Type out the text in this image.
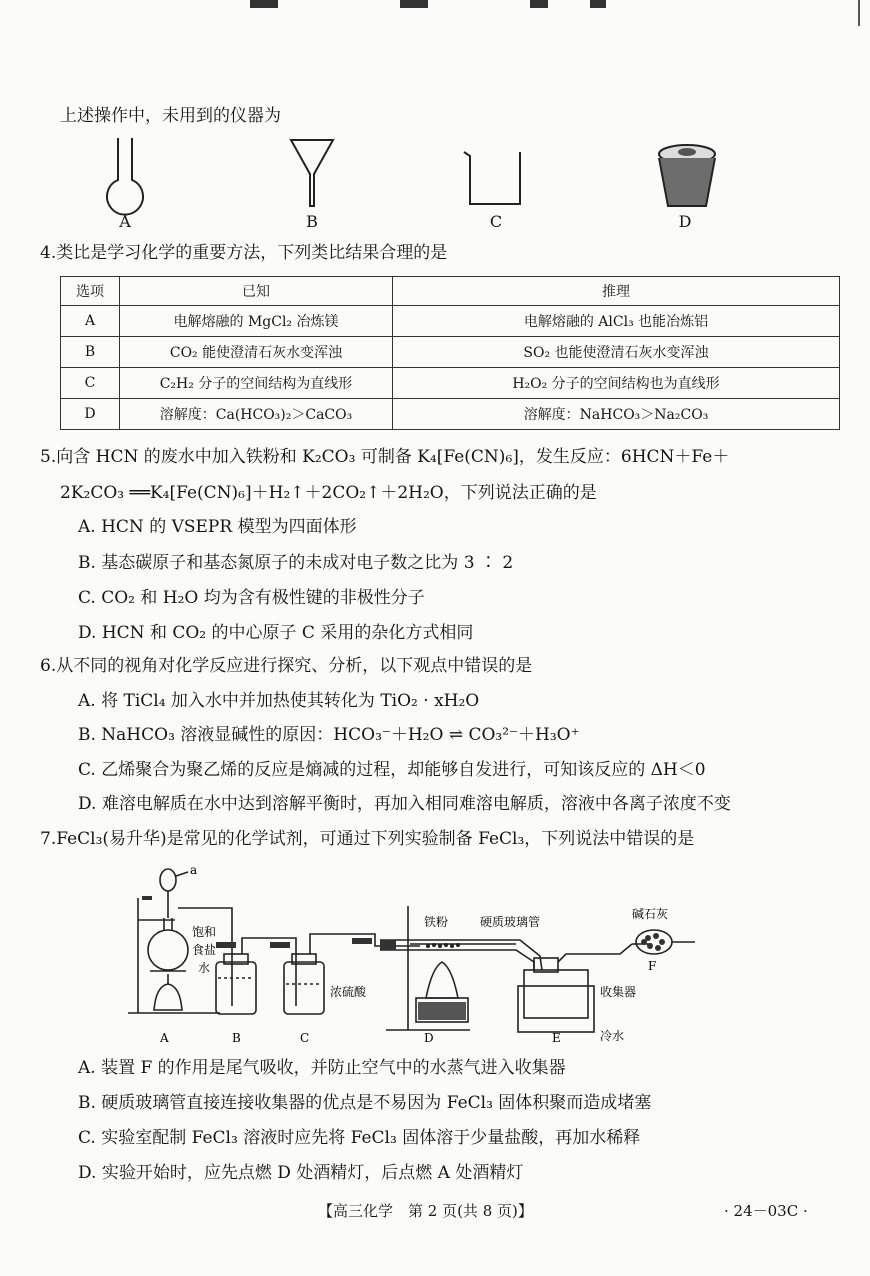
上述操作中，未用到的仪器为
A	B	C	D
4.类比是学习化学的重要方法，下列类比结果合理的是
选项	已知	推理
A	电解熔融的 MgCl₂ 冶炼镁	电解熔融的 AlCl₃ 也能冶炼铝
B	CO₂ 能使澄清石灰水变浑浊	SO₂ 也能使澄清石灰水变浑浊
C	C₂H₂ 分子的空间结构为直线形	H₂O₂ 分子的空间结构也为直线形
D	溶解度：Ca(HCO₃)₂＞CaCO₃	溶解度：NaHCO₃＞Na₂CO₃
5.向含 HCN 的废水中加入铁粉和 K₂CO₃ 可制备 K₄[Fe(CN)₆]，发生反应：6HCN＋Fe＋
2K₂CO₃ ══K₄[Fe(CN)₆]＋H₂↑＋2CO₂↑＋2H₂O，下列说法正确的是
A. HCN 的 VSEPR 模型为四面体形
B. 基态碳原子和基态氮原子的未成对电子数之比为 3 ∶ 2
C. CO₂ 和 H₂O 均为含有极性键的非极性分子
D. HCN 和 CO₂ 的中心原子 C 采用的杂化方式相同
6.从不同的视角对化学反应进行探究、分析，以下观点中错误的是
A. 将 TiCl₄ 加入水中并加热使其转化为 TiO₂ · xH₂O
B. NaHCO₃ 溶液显碱性的原因：HCO₃⁻＋H₂O ⇌ CO₃²⁻＋H₃O⁺
C. 乙烯聚合为聚乙烯的反应是熵减的过程，却能够自发进行，可知该反应的 ΔH＜0
D. 难溶电解质在水中达到溶解平衡时，再加入相同难溶电解质，溶液中各离子浓度不变
7.FeCl₃(易升华)是常见的化学试剂，可通过下列实验制备 FeCl₃，下列说法中错误的是
a
饱和
食盐
水
浓硫酸
铁粉	硬质玻璃管
碱石灰
收集器
冷水
F
A	B	C	D	E
A. 装置 F 的作用是尾气吸收，并防止空气中的水蒸气进入收集器
B. 硬质玻璃管直接连接收集器的优点是不易因为 FeCl₃ 固体积聚而造成堵塞
C. 实验室配制 FeCl₃ 溶液时应先将 FeCl₃ 固体溶于少量盐酸，再加水稀释
D. 实验开始时，应先点燃 D 处酒精灯，后点燃 A 处酒精灯
【高三化学　第 2 页(共 8 页)】	· 24－03C ·
